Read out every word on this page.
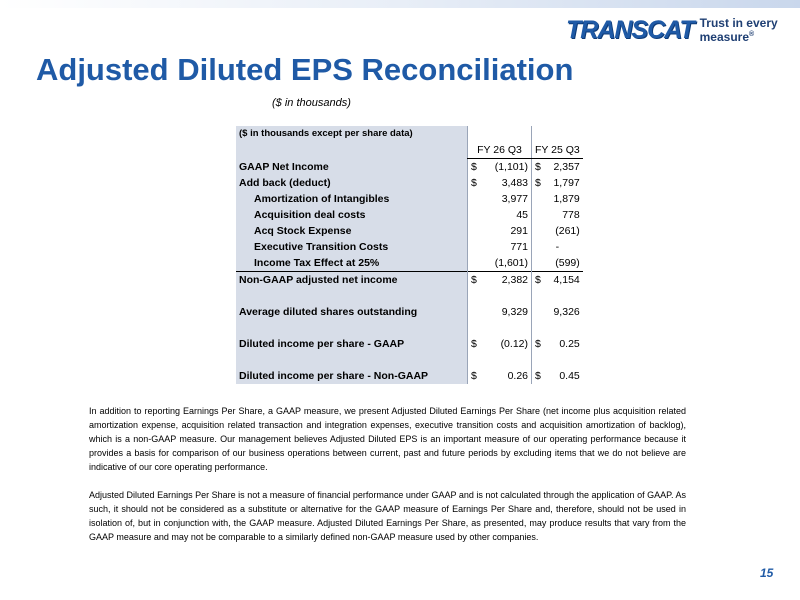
TRANSCAT Trust in every measure®
Adjusted Diluted EPS Reconciliation
($ in thousands)
($ in thousands except per share data)		
	FY 26 Q3	FY 25 Q3
GAAP Net Income	$ (1,101)	$ 2,357

Add back (deduct)	$ 3,483	$ 1,797

Amortization of Intangibles	3,977	1,879
Acquisition deal costs	45	778
Acq Stock Expense	291	(261)
Executive Transition Costs	771	-
Income Tax Effect at 25%	(1,601)	(599)
Non-GAAP adjusted net income	$ 2,382	$ 4,154

Average diluted shares outstanding	9,329	9,326

Diluted income per share - GAAP	$ (0.12)	$ 0.25

Diluted income per share - Non-GAAP	$ 0.26	$ 0.45

In addition to reporting Earnings Per Share, a GAAP measure, we present Adjusted Diluted Earnings Per Share (net income plus acquisition related amortization expense, acquisition related transaction and integration expenses, executive transition costs and acquisition amortization of backlog), which is a non-GAAP measure. Our management believes Adjusted Diluted EPS is an important measure of our operating performance because it provides a basis for comparison of our business operations between current, past and future periods by excluding items that we do not believe are indicative of our core operating performance.

Adjusted Diluted Earnings Per Share is not a measure of financial performance under GAAP and is not calculated through the application of GAAP. As such, it should not be considered as a substitute or alternative for the GAAP measure of Earnings Per Share and, therefore, should not be used in isolation of, but in conjunction with, the GAAP measure. Adjusted Diluted Earnings Per Share, as presented, may produce results that vary from the GAAP measure and may not be comparable to a similarly defined non-GAAP measure used by other companies.

15
